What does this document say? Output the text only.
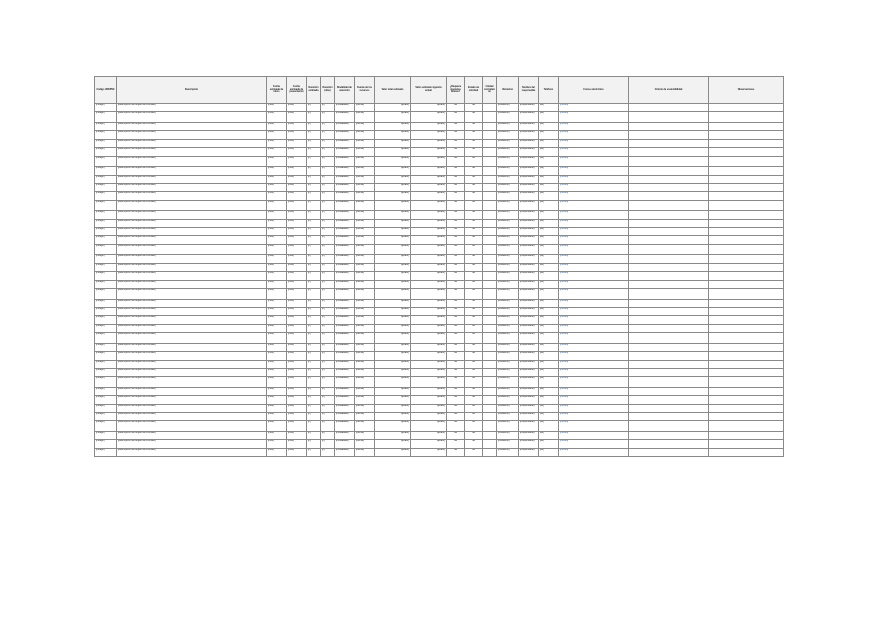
Código UNSPSC	Descripción	Fecha estimada de inicio	Fecha estimada de presentación	Duración estimada	Duración (días)	Modalidad de selección	Fuente de los recursos	Valor total estimado	Valor estimado vigencia actual	¿Requiere vigencias futuras?	Estado de solicitud	Unidad contratación	Ubicación	Nombre del responsable	Teléfono	Correo electrónico	Criterio de sostenibilidad	Observaciones
[código]	[descripción del objeto del contrato]	[mes]	[mes]	[n]	[n]	[modalidad]	[fuente]	$[valor]	$[valor]	No	No		[ubicación]	[responsable]	[tel]	[correo]		
[código]	[descripción del objeto del contrato]	[mes]	[mes]	[n]	[n]	[modalidad]	[fuente]	$[valor]	$[valor]	No	No		[ubicación]	[responsable]	[tel]	[correo]		
[código]	[descripción del objeto del contrato]	[mes]	[mes]	[n]	[n]	[modalidad]	[fuente]	$[valor]	$[valor]	No	No		[ubicación]	[responsable]	[tel]	[correo]		
[código]	[descripción del objeto del contrato]	[mes]	[mes]	[n]	[n]	[modalidad]	[fuente]	$[valor]	$[valor]	No	No		[ubicación]	[responsable]	[tel]	[correo]		
[código]	[descripción del objeto del contrato]	[mes]	[mes]	[n]	[n]	[modalidad]	[fuente]	$[valor]	$[valor]	No	No		[ubicación]	[responsable]	[tel]	[correo]		
[código]	[descripción del objeto del contrato]	[mes]	[mes]	[n]	[n]	[modalidad]	[fuente]	$[valor]	$[valor]	No	No		[ubicación]	[responsable]	[tel]	[correo]		
[código]	[descripción del objeto del contrato]	[mes]	[mes]	[n]	[n]	[modalidad]	[fuente]	$[valor]	$[valor]	No	No		[ubicación]	[responsable]	[tel]	[correo]		
[código]	[descripción del objeto del contrato]	[mes]	[mes]	[n]	[n]	[modalidad]	[fuente]	$[valor]	$[valor]	No	No		[ubicación]	[responsable]	[tel]	[correo]		
[código]	[descripción del objeto del contrato]	[mes]	[mes]	[n]	[n]	[modalidad]	[fuente]	$[valor]	$[valor]	No	No		[ubicación]	[responsable]	[tel]	[correo]		
[código]	[descripción del objeto del contrato]	[mes]	[mes]	[n]	[n]	[modalidad]	[fuente]	$[valor]	$[valor]	No	No		[ubicación]	[responsable]	[tel]	[correo]		
[código]	[descripción del objeto del contrato]	[mes]	[mes]	[n]	[n]	[modalidad]	[fuente]	$[valor]	$[valor]	No	No		[ubicación]	[responsable]	[tel]	[correo]		
[código]	[descripción del objeto del contrato]	[mes]	[mes]	[n]	[n]	[modalidad]	[fuente]	$[valor]	$[valor]	No	No		[ubicación]	[responsable]	[tel]	[correo]		
[código]	[descripción del objeto del contrato]	[mes]	[mes]	[n]	[n]	[modalidad]	[fuente]	$[valor]	$[valor]	No	No		[ubicación]	[responsable]	[tel]	[correo]		
[código]	[descripción del objeto del contrato]	[mes]	[mes]	[n]	[n]	[modalidad]	[fuente]	$[valor]	$[valor]	No	No		[ubicación]	[responsable]	[tel]	[correo]		
[código]	[descripción del objeto del contrato]	[mes]	[mes]	[n]	[n]	[modalidad]	[fuente]	$[valor]	$[valor]	No	No		[ubicación]	[responsable]	[tel]	[correo]		
[código]	[descripción del objeto del contrato]	[mes]	[mes]	[n]	[n]	[modalidad]	[fuente]	$[valor]	$[valor]	No	No		[ubicación]	[responsable]	[tel]	[correo]		
[código]	[descripción del objeto del contrato]	[mes]	[mes]	[n]	[n]	[modalidad]	[fuente]	$[valor]	$[valor]	No	No		[ubicación]	[responsable]	[tel]	[correo]		
[código]	[descripción del objeto del contrato]	[mes]	[mes]	[n]	[n]	[modalidad]	[fuente]	$[valor]	$[valor]	No	No		[ubicación]	[responsable]	[tel]	[correo]		
[código]	[descripción del objeto del contrato]	[mes]	[mes]	[n]	[n]	[modalidad]	[fuente]	$[valor]	$[valor]	No	No		[ubicación]	[responsable]	[tel]	[correo]		
[código]	[descripción del objeto del contrato]	[mes]	[mes]	[n]	[n]	[modalidad]	[fuente]	$[valor]	$[valor]	No	No		[ubicación]	[responsable]	[tel]	[correo]		
[código]	[descripción del objeto del contrato]	[mes]	[mes]	[n]	[n]	[modalidad]	[fuente]	$[valor]	$[valor]	No	No		[ubicación]	[responsable]	[tel]	[correo]		
[código]	[descripción del objeto del contrato]	[mes]	[mes]	[n]	[n]	[modalidad]	[fuente]	$[valor]	$[valor]	No	No		[ubicación]	[responsable]	[tel]	[correo]		
[código]	[descripción del objeto del contrato]	[mes]	[mes]	[n]	[n]	[modalidad]	[fuente]	$[valor]	$[valor]	No	No		[ubicación]	[responsable]	[tel]	[correo]		
[código]	[descripción del objeto del contrato]	[mes]	[mes]	[n]	[n]	[modalidad]	[fuente]	$[valor]	$[valor]	No	No		[ubicación]	[responsable]	[tel]	[correo]		
[código]	[descripción del objeto del contrato]	[mes]	[mes]	[n]	[n]	[modalidad]	[fuente]	$[valor]	$[valor]	No	No		[ubicación]	[responsable]	[tel]	[correo]		
[código]	[descripción del objeto del contrato]	[mes]	[mes]	[n]	[n]	[modalidad]	[fuente]	$[valor]	$[valor]	No	No		[ubicación]	[responsable]	[tel]	[correo]		
[código]	[descripción del objeto del contrato]	[mes]	[mes]	[n]	[n]	[modalidad]	[fuente]	$[valor]	$[valor]	No	No		[ubicación]	[responsable]	[tel]	[correo]		
[código]	[descripción del objeto del contrato]	[mes]	[mes]	[n]	[n]	[modalidad]	[fuente]	$[valor]	$[valor]	No	No		[ubicación]	[responsable]	[tel]	[correo]		
[código]	[descripción del objeto del contrato]	[mes]	[mes]	[n]	[n]	[modalidad]	[fuente]	$[valor]	$[valor]	No	No		[ubicación]	[responsable]	[tel]	[correo]		
[código]	[descripción del objeto del contrato]	[mes]	[mes]	[n]	[n]	[modalidad]	[fuente]	$[valor]	$[valor]	No	No		[ubicación]	[responsable]	[tel]	[correo]		
[código]	[descripción del objeto del contrato]	[mes]	[mes]	[n]	[n]	[modalidad]	[fuente]	$[valor]	$[valor]	No	No		[ubicación]	[responsable]	[tel]	[correo]		
[código]	[descripción del objeto del contrato]	[mes]	[mes]	[n]	[n]	[modalidad]	[fuente]	$[valor]	$[valor]	No	No		[ubicación]	[responsable]	[tel]	[correo]		
[código]	[descripción del objeto del contrato]	[mes]	[mes]	[n]	[n]	[modalidad]	[fuente]	$[valor]	$[valor]	No	No		[ubicación]	[responsable]	[tel]	[correo]		
[código]	[descripción del objeto del contrato]	[mes]	[mes]	[n]	[n]	[modalidad]	[fuente]	$[valor]	$[valor]	No	No		[ubicación]	[responsable]	[tel]	[correo]		
[código]	[descripción del objeto del contrato]	[mes]	[mes]	[n]	[n]	[modalidad]	[fuente]	$[valor]	$[valor]	No	No		[ubicación]	[responsable]	[tel]	[correo]		
[código]	[descripción del objeto del contrato]	[mes]	[mes]	[n]	[n]	[modalidad]	[fuente]	$[valor]	$[valor]	No	No		[ubicación]	[responsable]	[tel]	[correo]		
[código]	[descripción del objeto del contrato]	[mes]	[mes]	[n]	[n]	[modalidad]	[fuente]	$[valor]	$[valor]	No	No		[ubicación]	[responsable]	[tel]	[correo]		
[código]	[descripción del objeto del contrato]	[mes]	[mes]	[n]	[n]	[modalidad]	[fuente]	$[valor]	$[valor]	No	No		[ubicación]	[responsable]	[tel]	[correo]		
[código]	[descripción del objeto del contrato]	[mes]	[mes]	[n]	[n]	[modalidad]	[fuente]	$[valor]	$[valor]	No	No		[ubicación]	[responsable]	[tel]	[correo]		
[código]	[descripción del objeto del contrato]	[mes]	[mes]	[n]	[n]	[modalidad]	[fuente]	$[valor]	$[valor]	No	No		[ubicación]	[responsable]	[tel]	[correo]		
